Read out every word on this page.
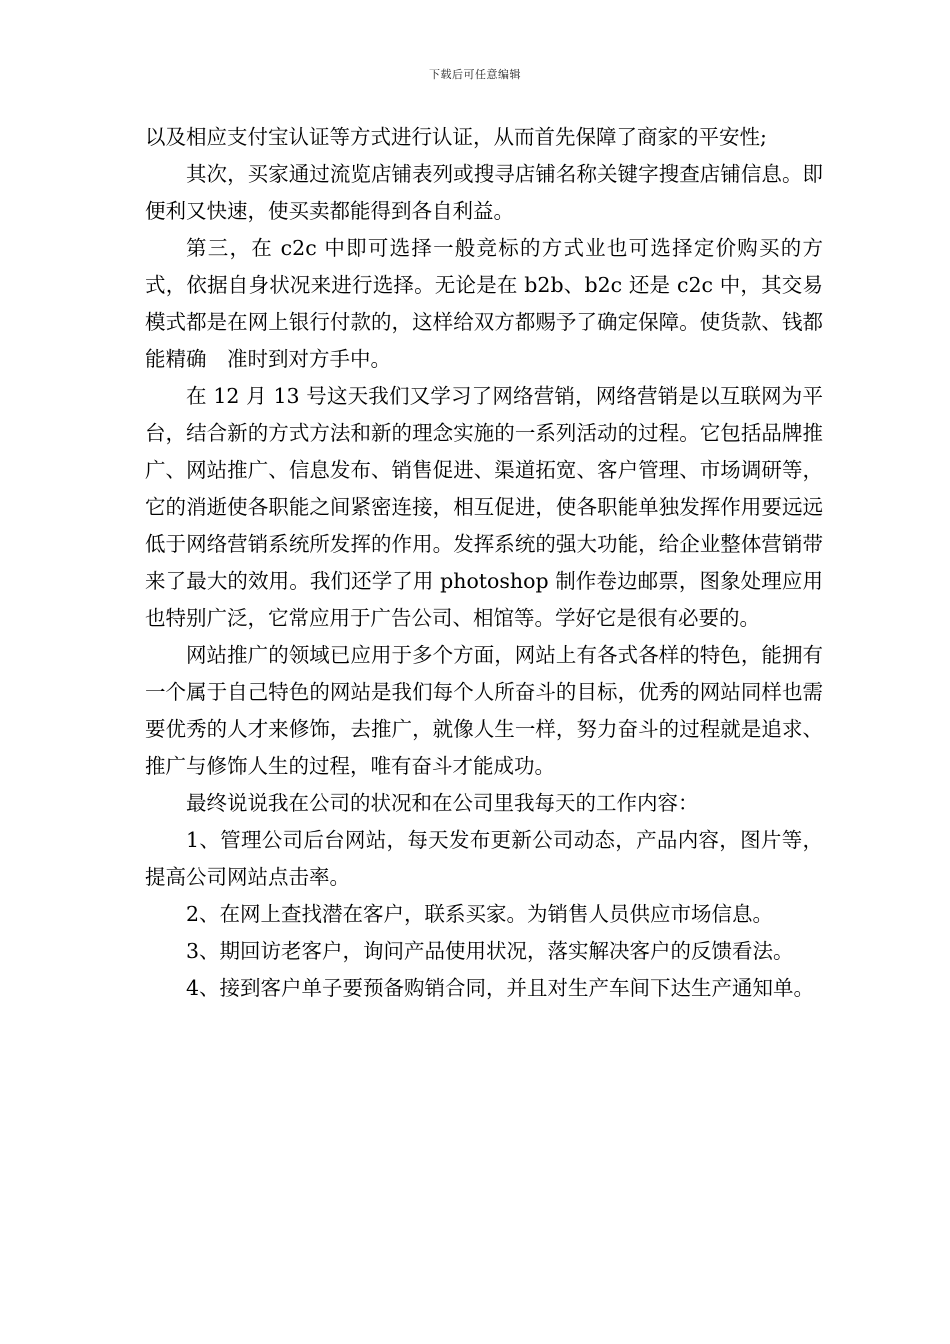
下载后可任意编辑

以及相应支付宝认证等方式进行认证，从而首先保障了商家的平安性;

其次，买家通过流览店铺表列或搜寻店铺名称关键字搜查店铺信息。即便利又快速，使买卖都能得到各自利益。

第三，在 c2c 中即可选择一般竞标的方式业也可选择定价购买的方式，依据自身状况来进行选择。无论是在 b2b、b2c 还是 c2c 中，其交易模式都是在网上银行付款的，这样给双方都赐予了确定保障。使货款、钱都能精确　准时到对方手中。

在 12 月 13 号这天我们又学习了网络营销，网络营销是以互联网为平台，结合新的方式方法和新的理念实施的一系列活动的过程。它包括品牌推广、网站推广、信息发布、销售促进、渠道拓宽、客户管理、市场调研等，它的消逝使各职能之间紧密连接，相互促进，使各职能单独发挥作用要远远低于网络营销系统所发挥的作用。发挥系统的强大功能，给企业整体营销带来了最大的效用。我们还学了用 photoshop 制作卷边邮票，图象处理应用也特别广泛，它常应用于广告公司、相馆等。学好它是很有必要的。

网站推广的领域已应用于多个方面，网站上有各式各样的特色，能拥有一个属于自己特色的网站是我们每个人所奋斗的目标，优秀的网站同样也需要优秀的人才来修饰，去推广，就像人生一样，努力奋斗的过程就是追求、推广与修饰人生的过程，唯有奋斗才能成功。

最终说说我在公司的状况和在公司里我每天的工作内容：

1、管理公司后台网站，每天发布更新公司动态，产品内容，图片等，提高公司网站点击率。

2、在网上查找潜在客户，联系买家。为销售人员供应市场信息。

3、期回访老客户，询问产品使用状况，落实解决客户的反馈看法。

4、接到客户单子要预备购销合同，并且对生产车间下达生产通知单。
